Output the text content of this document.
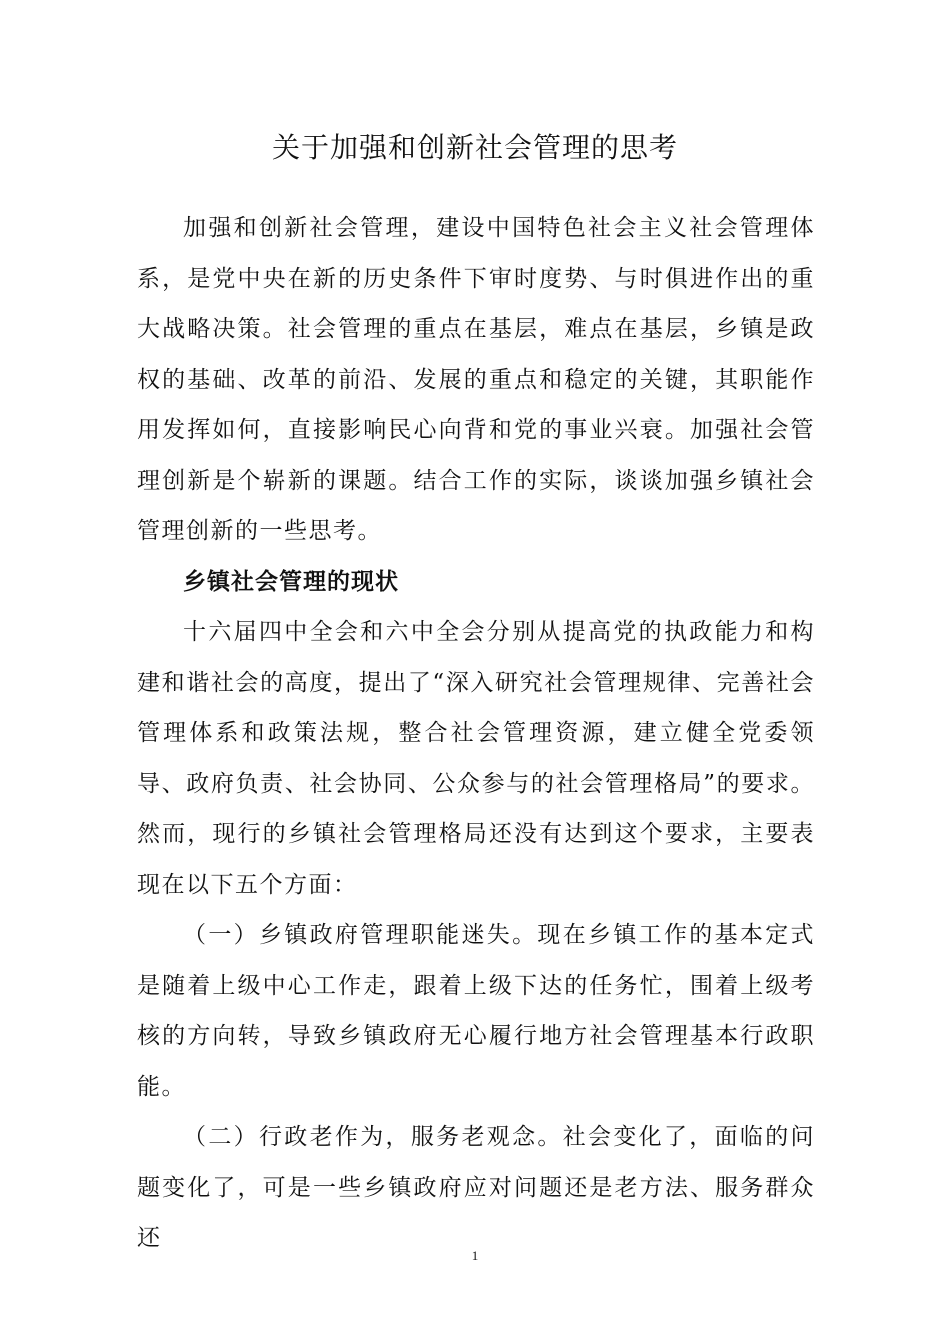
关于加强和创新社会管理的思考

加强和创新社会管理，建设中国特色社会主义社会管理体系，是党中央在新的历史条件下审时度势、与时俱进作出的重大战略决策。社会管理的重点在基层，难点在基层，乡镇是政权的基础、改革的前沿、发展的重点和稳定的关键，其职能作用发挥如何，直接影响民心向背和党的事业兴衰。加强社会管理创新是个崭新的课题。结合工作的实际，谈谈加强乡镇社会管理创新的一些思考。

乡镇社会管理的现状

十六届四中全会和六中全会分别从提高党的执政能力和构建和谐社会的高度，提出了“深入研究社会管理规律、完善社会管理体系和政策法规，整合社会管理资源，建立健全党委领导、政府负责、社会协同、公众参与的社会管理格局”的要求。然而，现行的乡镇社会管理格局还没有达到这个要求，主要表现在以下五个方面：

（一）乡镇政府管理职能迷失。现在乡镇工作的基本定式是随着上级中心工作走，跟着上级下达的任务忙，围着上级考核的方向转，导致乡镇政府无心履行地方社会管理基本行政职能。

（二）行政老作为，服务老观念。社会变化了，面临的问题变化了，可是一些乡镇政府应对问题还是老方法、服务群众还

1
